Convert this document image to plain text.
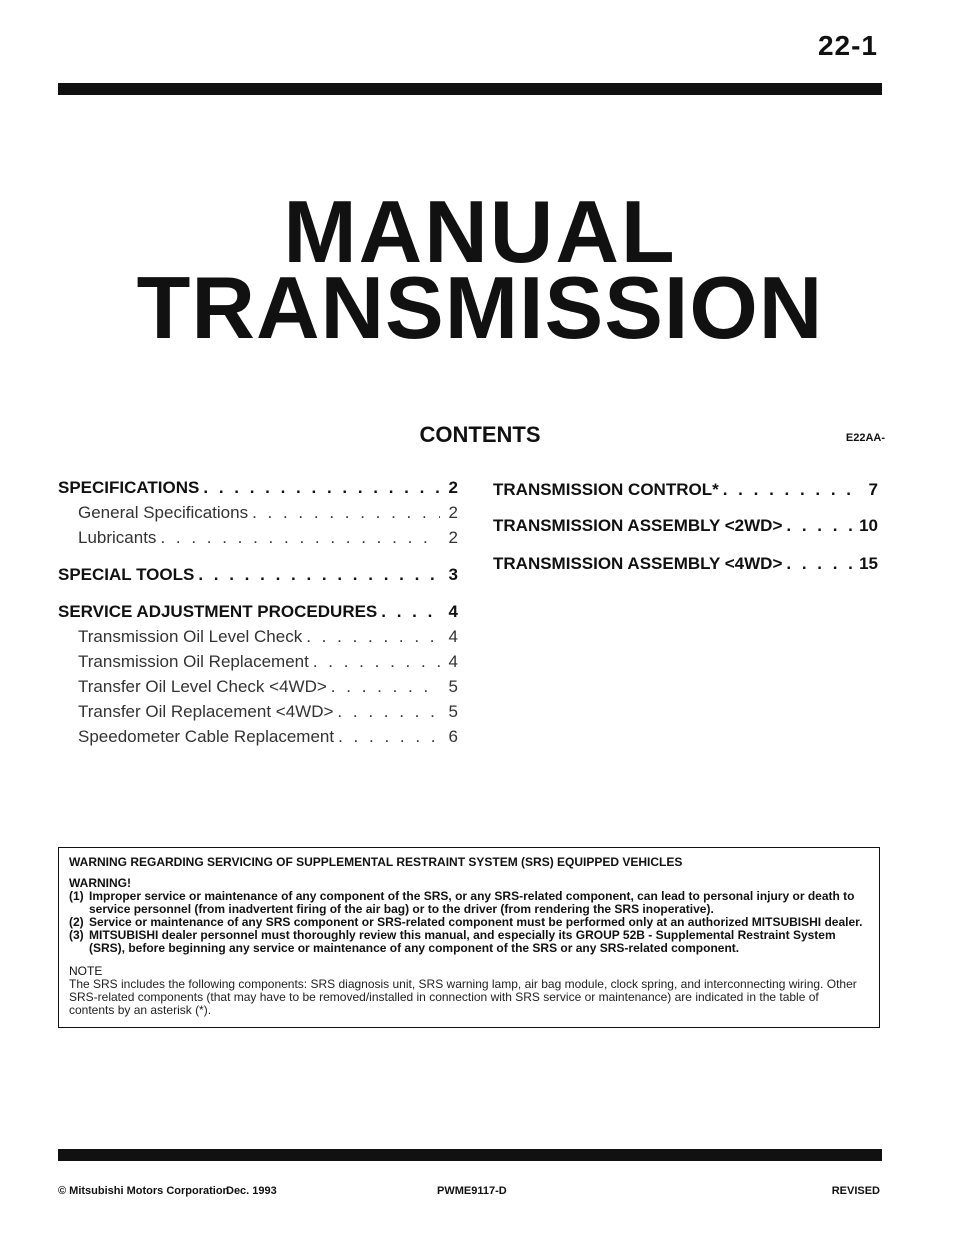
22-1
MANUAL
TRANSMISSION
CONTENTS	E22AA-
SPECIFICATIONS . . .	2
General Specifications . . .	2
Lubricants . . .	2
SPECIAL TOOLS . . .	3
SERVICE ADJUSTMENT PROCEDURES . . .	4
Transmission Oil Level Check . . .	4
Transmission Oil Replacement . . .	4
Transfer Oil Level Check <4WD> . . .	5
Transfer Oil Replacement <4WD> . . .	5
Speedometer Cable Replacement . . .	6
TRANSMISSION CONTROL* . . .	7
TRANSMISSION ASSEMBLY <2WD> . . .	10
TRANSMISSION ASSEMBLY <4WD> . . .	15
WARNING REGARDING SERVICING OF SUPPLEMENTAL RESTRAINT SYSTEM (SRS) EQUIPPED VEHICLES
WARNING!
(1) Improper service or maintenance of any component of the SRS, or any SRS-related component, can lead to personal injury or death to service personnel (from inadvertent firing of the air bag) or to the driver (from rendering the SRS inoperative).
(2) Service or maintenance of any SRS component or SRS-related component must be performed only at an authorized MITSUBISHI dealer.
(3) MITSUBISHI dealer personnel must thoroughly review this manual, and especially its GROUP 52B - Supplemental Restraint System (SRS), before beginning any service or maintenance of any component of the SRS or any SRS-related component.
NOTE
The SRS includes the following components: SRS diagnosis unit, SRS warning lamp, air bag module, clock spring, and interconnecting wiring. Other SRS-related components (that may have to be removed/installed in connection with SRS service or maintenance) are indicated in the table of contents by an asterisk (*).
© Mitsubishi Motors Corporation
Dec. 1993	PWME9117-D	REVISED
